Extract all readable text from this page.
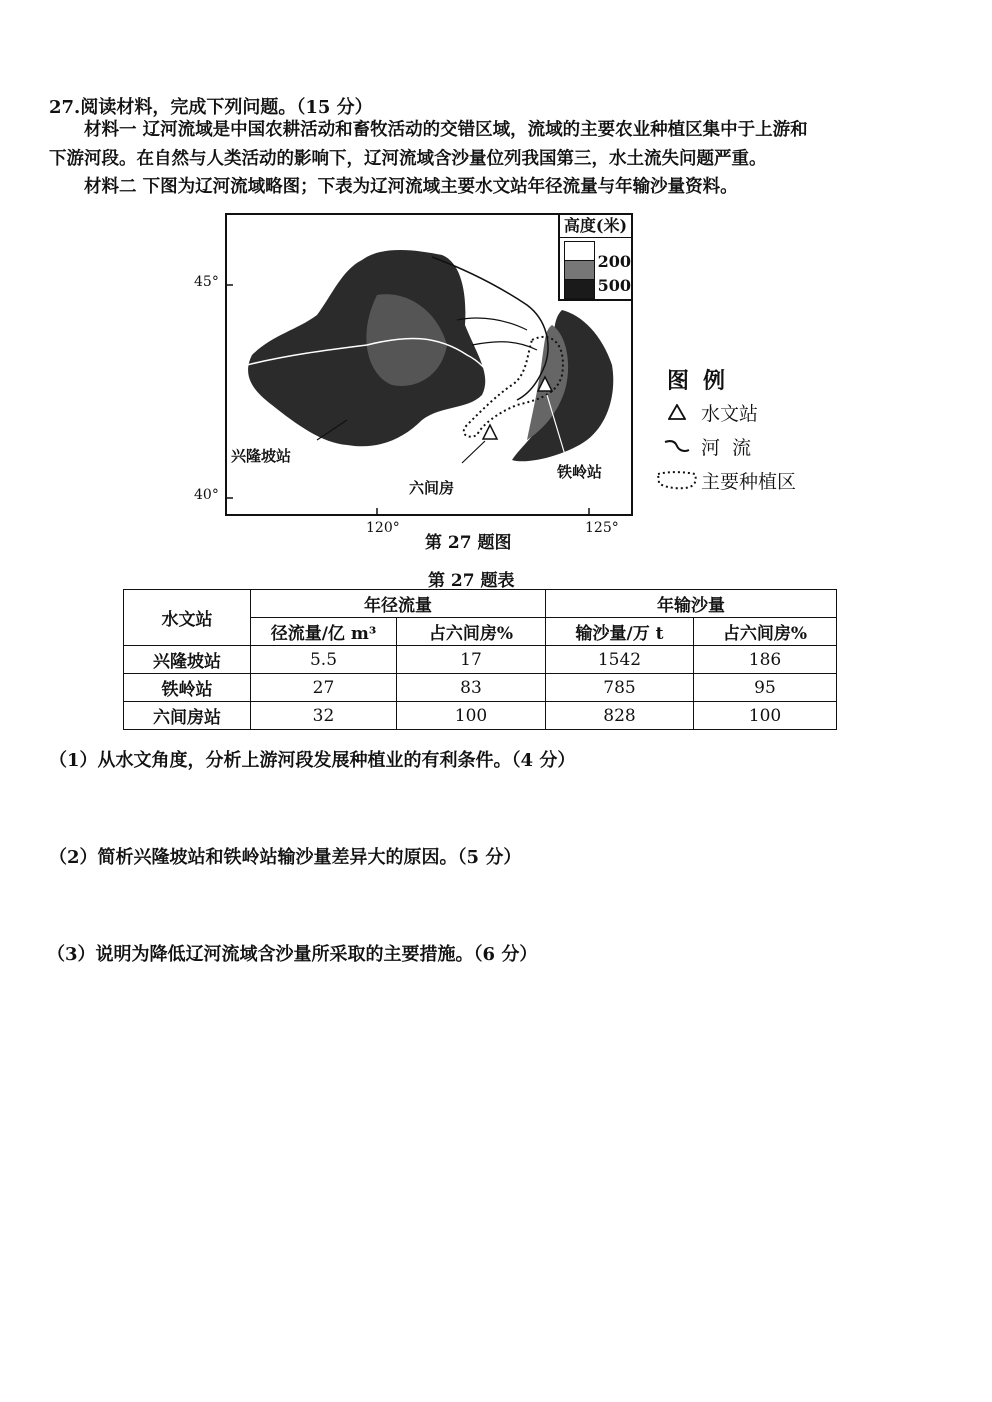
27.阅读材料，完成下列问题。（15 分）
材料一 辽河流域是中国农耕活动和畜牧活动的交错区域，流域的主要农业种植区集中于上游和
下游河段。在自然与人类活动的影响下，辽河流域含沙量位列我国第三，水土流失问题严重。
材料二 下图为辽河流域略图；下表为辽河流域主要水文站年径流量与年输沙量资料。
45°
40°
120°	125°
兴隆坡站
六间房
铁岭站
高度(米)
200
500
图例
水文站
河  流
主要种植区
第 27 题图
第 27 题表
水文站	年径流量		年输沙量	
	径流量/亿 m³	占六间房%	输沙量/万 t	占六间房%
兴隆坡站	5.5	17	1542	186
铁岭站	27	83	785	95
六间房站	32	100	828	100
（1）从水文角度，分析上游河段发展种植业的有利条件。（4 分）
（2）简析兴隆坡站和铁岭站输沙量差异大的原因。（5 分）
（3）说明为降低辽河流域含沙量所采取的主要措施。（6 分）
